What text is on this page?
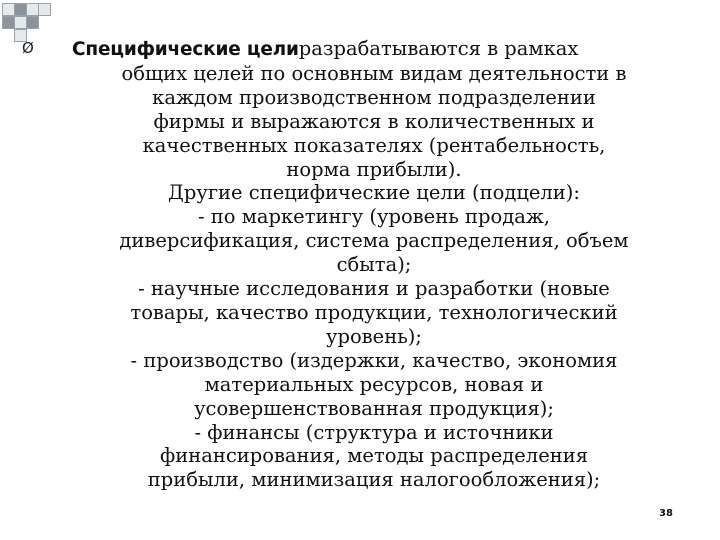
Ø Специфические целиразрабатываются в рамках
общих целей по основным видам деятельности в
каждом производственном подразделении
фирмы и выражаются в количественных и
качественных показателях (рентабельность,
норма прибыли).
Другие специфические цели (подцели):
- по маркетингу (уровень продаж,
диверсификация, система распределения, объем
сбыта);
- научные исследования и разработки (новые
товары, качество продукции, технологический
уровень);
- производство (издержки, качество, экономия
материальных ресурсов, новая и
усовершенствованная продукция);
- финансы (структура и источники
финансирования, методы распределения
прибыли, минимизация налогообложения);
38
